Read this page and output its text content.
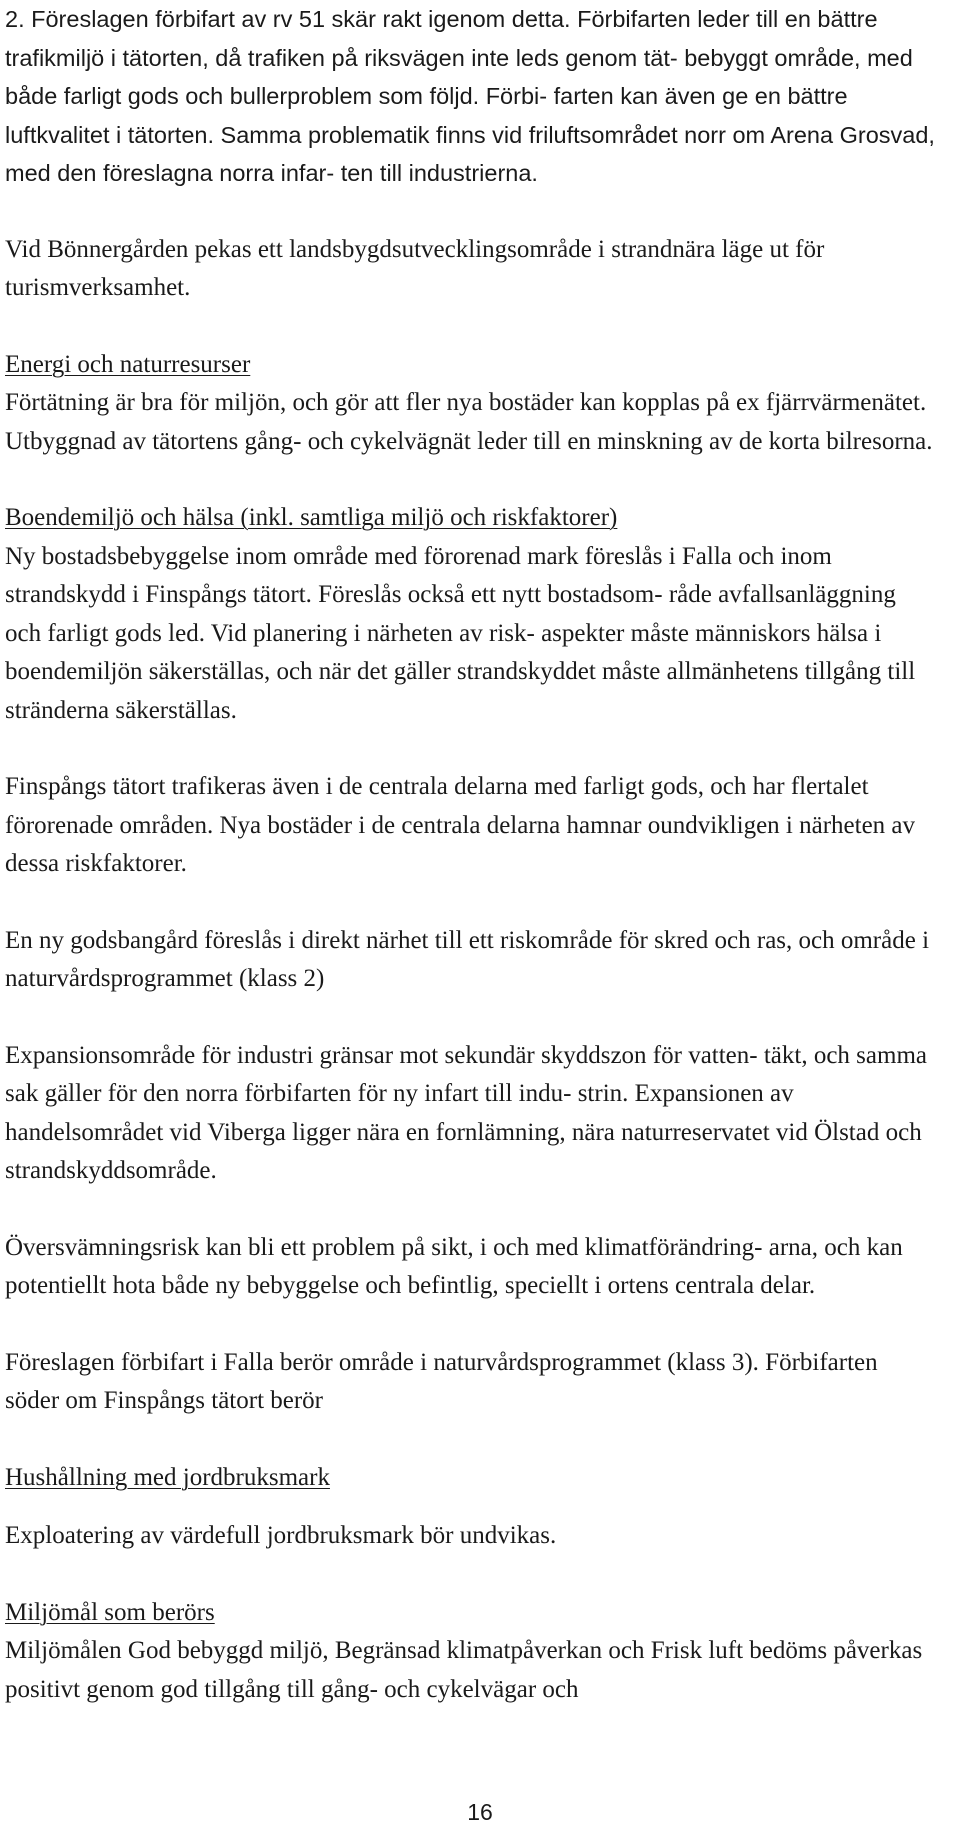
2. Föreslagen förbifart av rv 51 skär rakt igenom detta. Förbifarten leder till en bättre trafikmiljö i tätorten, då trafiken på riksvägen inte leds genom tät- bebyggt område, med både farligt gods och bullerproblem som följd. Förbi- farten kan även ge en bättre luftkvalitet i tätorten. Samma problematik finns vid friluftsområdet norr om Arena Grosvad, med den föreslagna norra infar- ten till industrierna.

Vid Bönnergården pekas ett landsbygdsutvecklingsområde i strandnära läge ut för turismverksamhet.

Energi och naturresurser

Förtätning är bra för miljön, och gör att fler nya bostäder kan kopplas på ex fjärrvärmenätet. Utbyggnad av tätortens gång- och cykelvägnät leder till en minskning av de korta bilresorna.

Boendemiljö och hälsa (inkl. samtliga miljö och riskfaktorer)

Ny bostadsbebyggelse inom område med förorenad mark föreslås i Falla och inom strandskydd i Finspångs tätort. Föreslås också ett nytt bostadsom- råde avfallsanläggning och farligt gods led. Vid planering i närheten av risk- aspekter måste människors hälsa i boendemiljön säkerställas, och när det gäller strandskyddet måste allmänhetens tillgång till stränderna säkerställas.

Finspångs tätort trafikeras även i de centrala delarna med farligt gods, och har flertalet förorenade områden. Nya bostäder i de centrala delarna hamnar oundvikligen i närheten av dessa riskfaktorer.

En ny godsbangård föreslås i direkt närhet till ett riskområde för skred och ras, och område i naturvårdsprogrammet (klass 2)

Expansionsområde för industri gränsar mot sekundär skyddszon för vatten- täkt, och samma sak gäller för den norra förbifarten för ny infart till indu- strin. Expansionen av handelsområdet vid Viberga ligger nära en fornlämning, nära naturreservatet vid Ölstad och strandskyddsområde.

Översvämningsrisk kan bli ett problem på sikt, i och med klimatförändring- arna, och kan potentiellt hota både ny bebyggelse och befintlig, speciellt i ortens centrala delar.

Föreslagen förbifart i Falla berör område i naturvårdsprogrammet (klass 3). Förbifarten söder om Finspångs tätort berör

Hushållning med jordbruksmark

Exploatering av värdefull jordbruksmark bör undvikas.

Miljömål som berörs

Miljömålen God bebyggd miljö, Begränsad klimatpåverkan och Frisk luft bedöms påverkas positivt genom god tillgång till gång- och cykelvägar och

16
